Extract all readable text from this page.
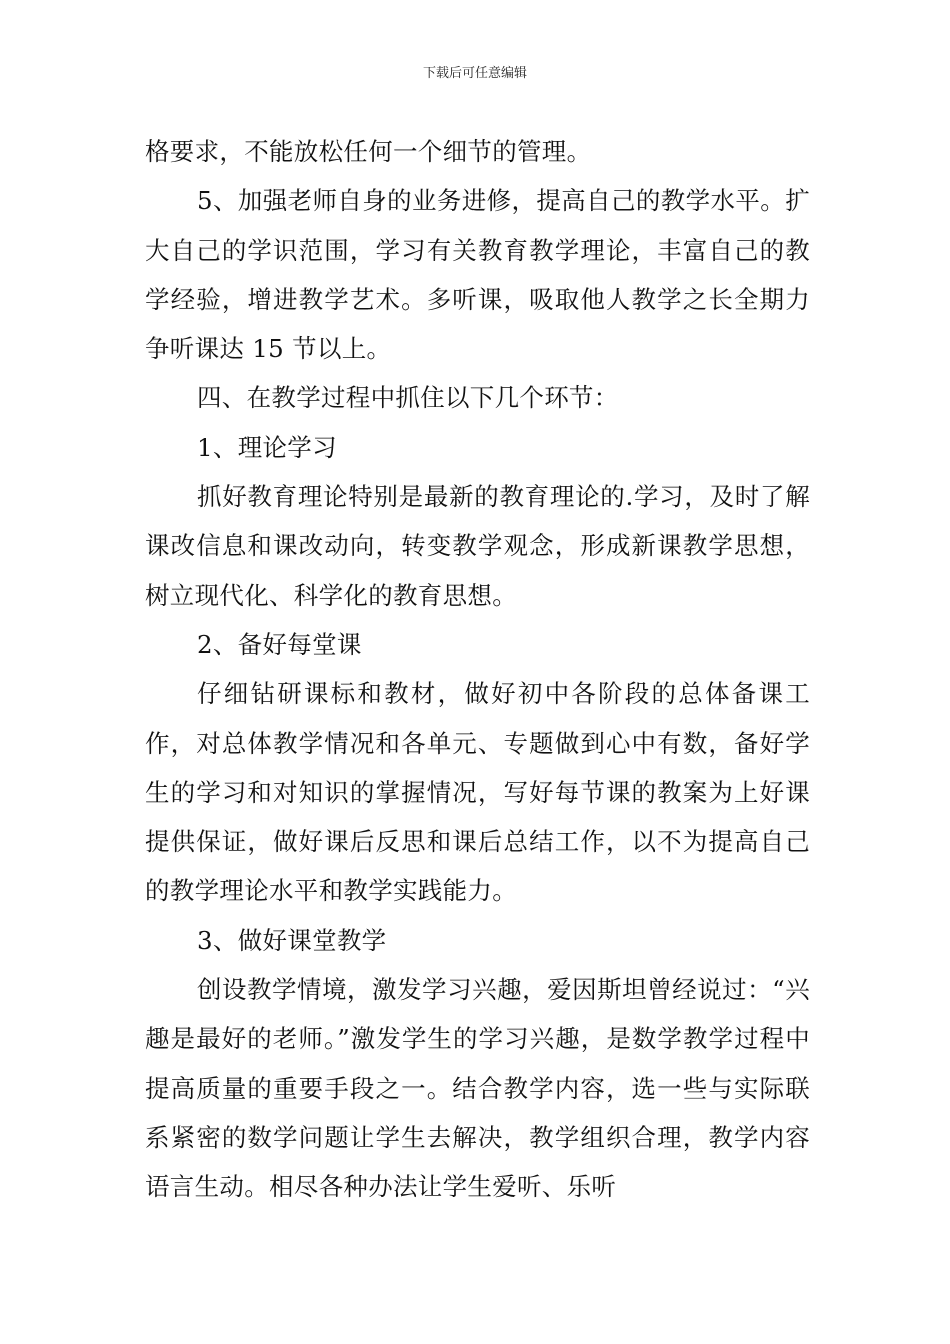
下载后可任意编辑

格要求，不能放松任何一个细节的管理。

5、加强老师自身的业务进修，提高自己的教学水平。扩大自己的学识范围，学习有关教育教学理论，丰富自己的教学经验，增进教学艺术。多听课，吸取他人教学之长全期力争听课达 15 节以上。

四、在教学过程中抓住以下几个环节：

1、理论学习

抓好教育理论特别是最新的教育理论的.学习，及时了解课改信息和课改动向，转变教学观念，形成新课教学思想，树立现代化、科学化的教育思想。

2、备好每堂课

仔细钻研课标和教材，做好初中各阶段的总体备课工作，对总体教学情况和各单元、专题做到心中有数，备好学生的学习和对知识的掌握情况，写好每节课的教案为上好课提供保证，做好课后反思和课后总结工作，以不为提高自己的教学理论水平和教学实践能力。

3、做好课堂教学

创设教学情境，激发学习兴趣，爱因斯坦曾经说过：“兴趣是最好的老师。”激发学生的学习兴趣，是数学教学过程中提高质量的重要手段之一。结合教学内容，选一些与实际联系紧密的数学问题让学生去解决，教学组织合理，教学内容语言生动。相尽各种办法让学生爱听、乐听
